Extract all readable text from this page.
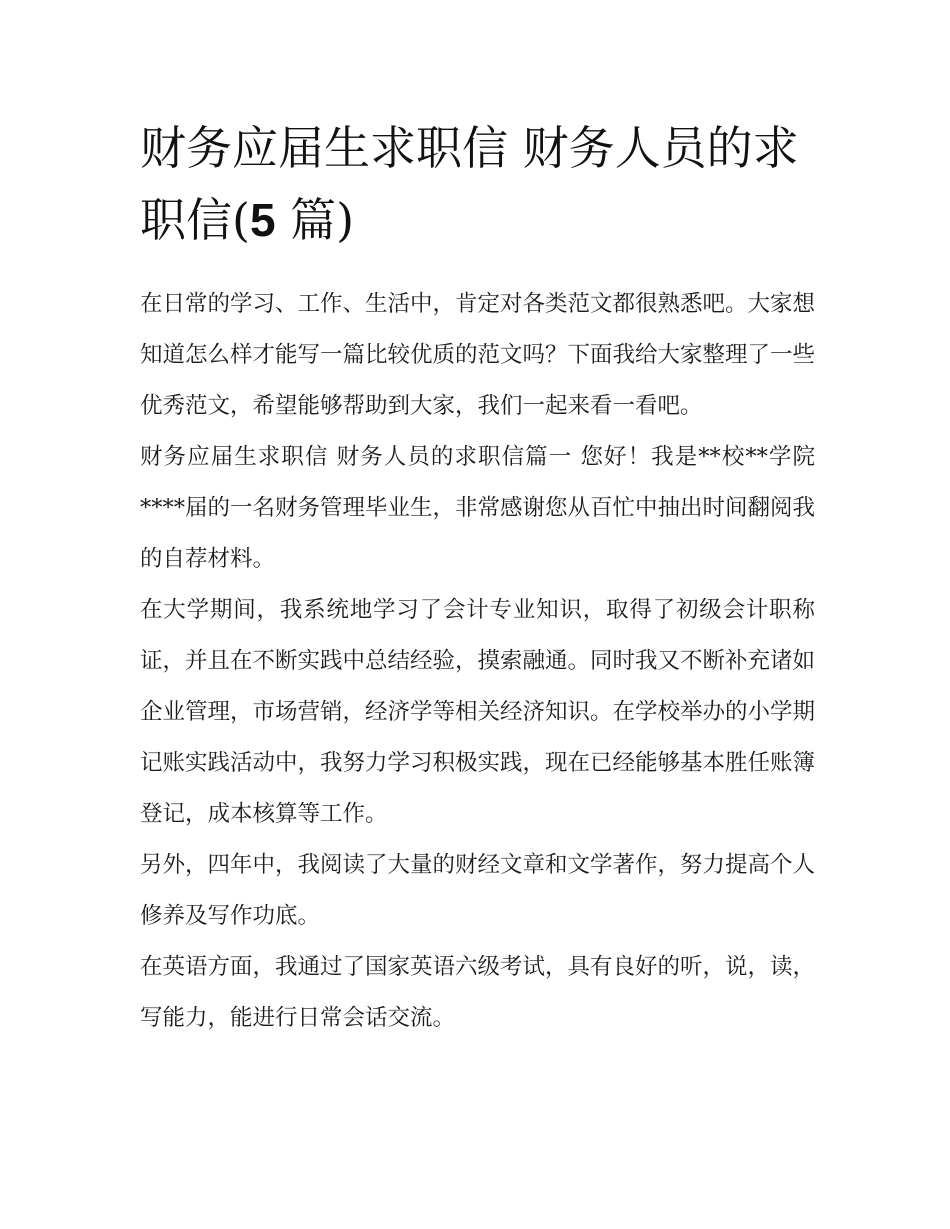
财务应届生求职信 财务人员的求职信(5 篇)

在日常的学习、工作、生活中，肯定对各类范文都很熟悉吧。大家想知道怎么样才能写一篇比较优质的范文吗？下面我给大家整理了一些优秀范文，希望能够帮助到大家，我们一起来看一看吧。

财务应届生求职信 财务人员的求职信篇一 您好！我是**校**学院****届的一名财务管理毕业生，非常感谢您从百忙中抽出时间翻阅我的自荐材料。

在大学期间，我系统地学习了会计专业知识，取得了初级会计职称证，并且在不断实践中总结经验，摸索融通。同时我又不断补充诸如企业管理，市场营销，经济学等相关经济知识。在学校举办的小学期记账实践活动中，我努力学习积极实践，现在已经能够基本胜任账簿登记，成本核算等工作。

另外，四年中，我阅读了大量的财经文章和文学著作，努力提高个人修养及写作功底。

在英语方面，我通过了国家英语六级考试，具有良好的听，说，读，写能力，能进行日常会话交流。
